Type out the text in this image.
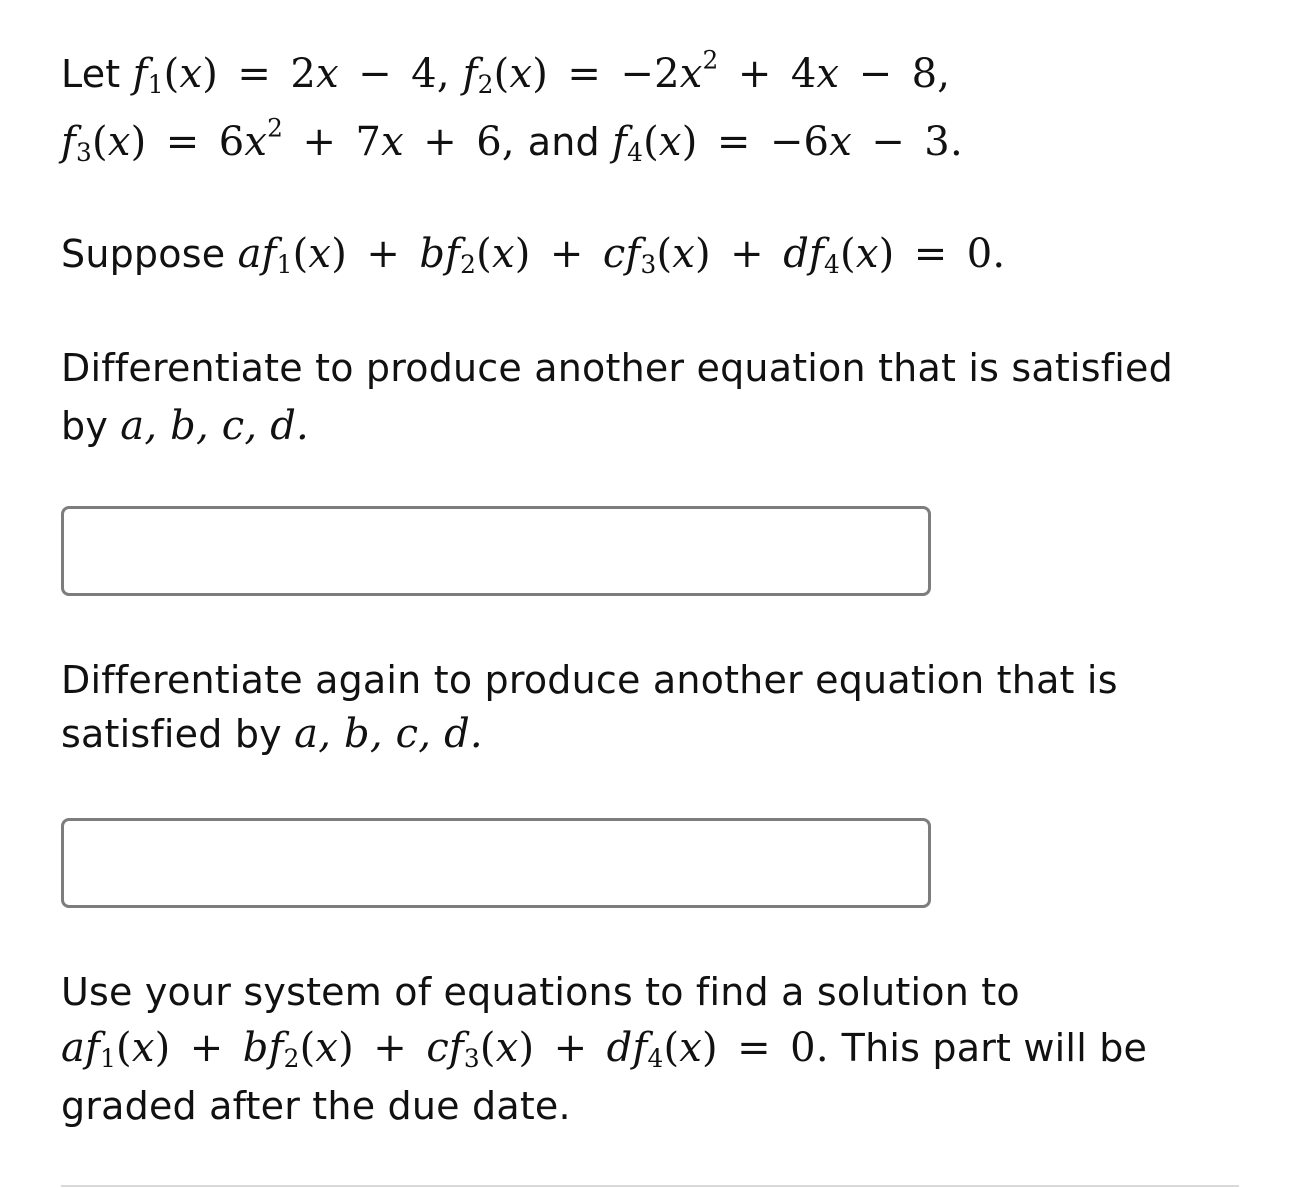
Let $f_1(x) = 2x - 4$, $f_2(x) = -2x^2 + 4x - 8$,
$f_3(x) = 6x^2 + 7x + 6$, and $f_4(x) = -6x - 3$.
Suppose $af_1(x) + bf_2(x) + cf_3(x) + df_4(x) = 0$.
Differentiate to produce another equation that is satisfied
by a, b, c, d.
Differentiate again to produce another equation that is
satisfied by a, b, c, d.
Use your system of equations to find a solution to
$af_1(x) + bf_2(x) + cf_3(x) + df_4(x) = 0$. This part will be
graded after the due date.
